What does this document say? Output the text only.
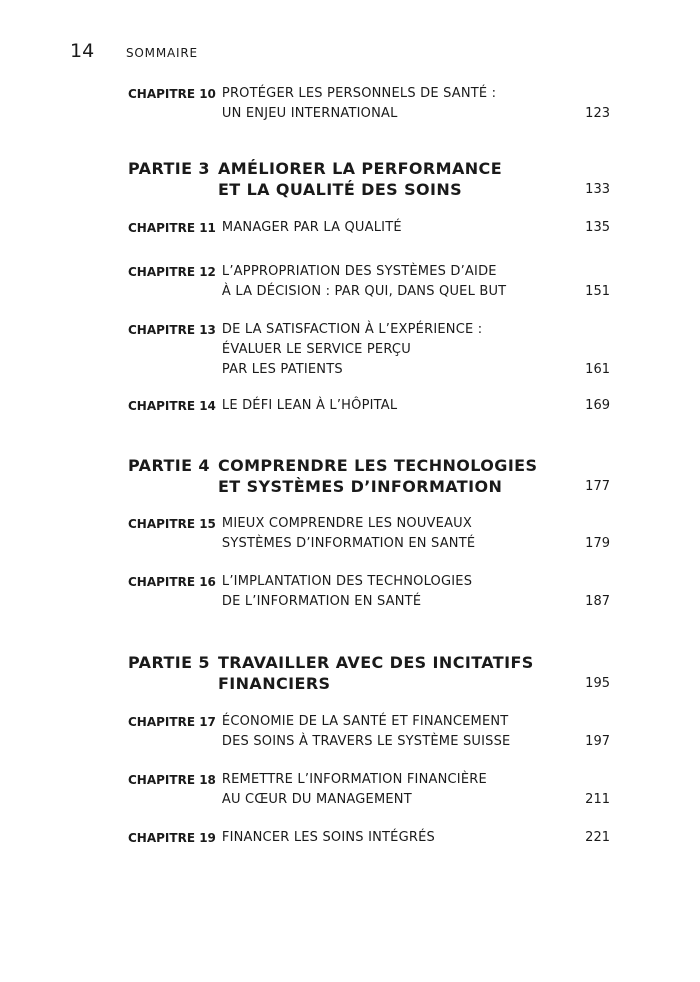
14	SOMMAIRE
CHAPITRE 10 PROTÉGER LES PERSONNELS DE SANTÉ :
UN ENJEU INTERNATIONAL	123
PARTIE 3 AMÉLIORER LA PERFORMANCE
ET LA QUALITÉ DES SOINS	133
CHAPITRE 11 MANAGER PAR LA QUALITÉ	135
CHAPITRE 12 L’APPROPRIATION DES SYSTÈMES D’AIDE
À LA DÉCISION : PAR QUI, DANS QUEL BUT	151
CHAPITRE 13 DE LA SATISFACTION À L’EXPÉRIENCE :
ÉVALUER LE SERVICE PERÇU
PAR LES PATIENTS	161
CHAPITRE 14 LE DÉFI LEAN À L’HÔPITAL	169
PARTIE 4 COMPRENDRE LES TECHNOLOGIES
ET SYSTÈMES D’INFORMATION	177
CHAPITRE 15 MIEUX COMPRENDRE LES NOUVEAUX
SYSTÈMES D’INFORMATION EN SANTÉ	179
CHAPITRE 16 L’IMPLANTATION DES TECHNOLOGIES
DE L’INFORMATION EN SANTÉ	187
PARTIE 5 TRAVAILLER AVEC DES INCITATIFS
FINANCIERS	195
CHAPITRE 17 ÉCONOMIE DE LA SANTÉ ET FINANCEMENT
DES SOINS À TRAVERS LE SYSTÈME SUISSE	197
CHAPITRE 18 REMETTRE L’INFORMATION FINANCIÈRE
AU CŒUR DU MANAGEMENT	211
CHAPITRE 19 FINANCER LES SOINS INTÉGRÉS	221
